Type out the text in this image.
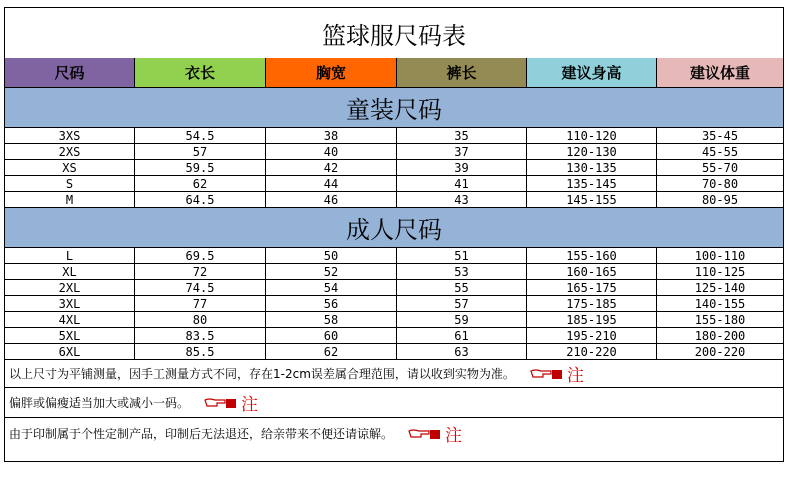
篮球服尺码表
尺码	衣长	胸宽	裤长	建议身高	建议体重
童装尺码
3XS	54.5	38	35	110-120	35-45
2XS	57	40	37	120-130	45-55
XS	59.5	42	39	130-135	55-70
S	62	44	41	135-145	70-80
M	64.5	46	43	145-155	80-95
成人尺码
L	69.5	50	51	155-160	100-110
XL	72	52	53	160-165	110-125
2XL	74.5	54	55	165-175	125-140
3XL	77	56	57	175-185	140-155
4XL	80	58	59	185-195	155-180
5XL	83.5	60	61	195-210	180-200
6XL	85.5	62	63	210-220	200-220
以上尺寸为平铺测量，因手工测量方式不同，存在1-2cm误差属合理范围，请以收到实物为准。	注
偏胖或偏瘦适当加大或减小一码。	注
由于印制属于个性定制产品，印制后无法退还，给亲带来不便还请谅解。	注
